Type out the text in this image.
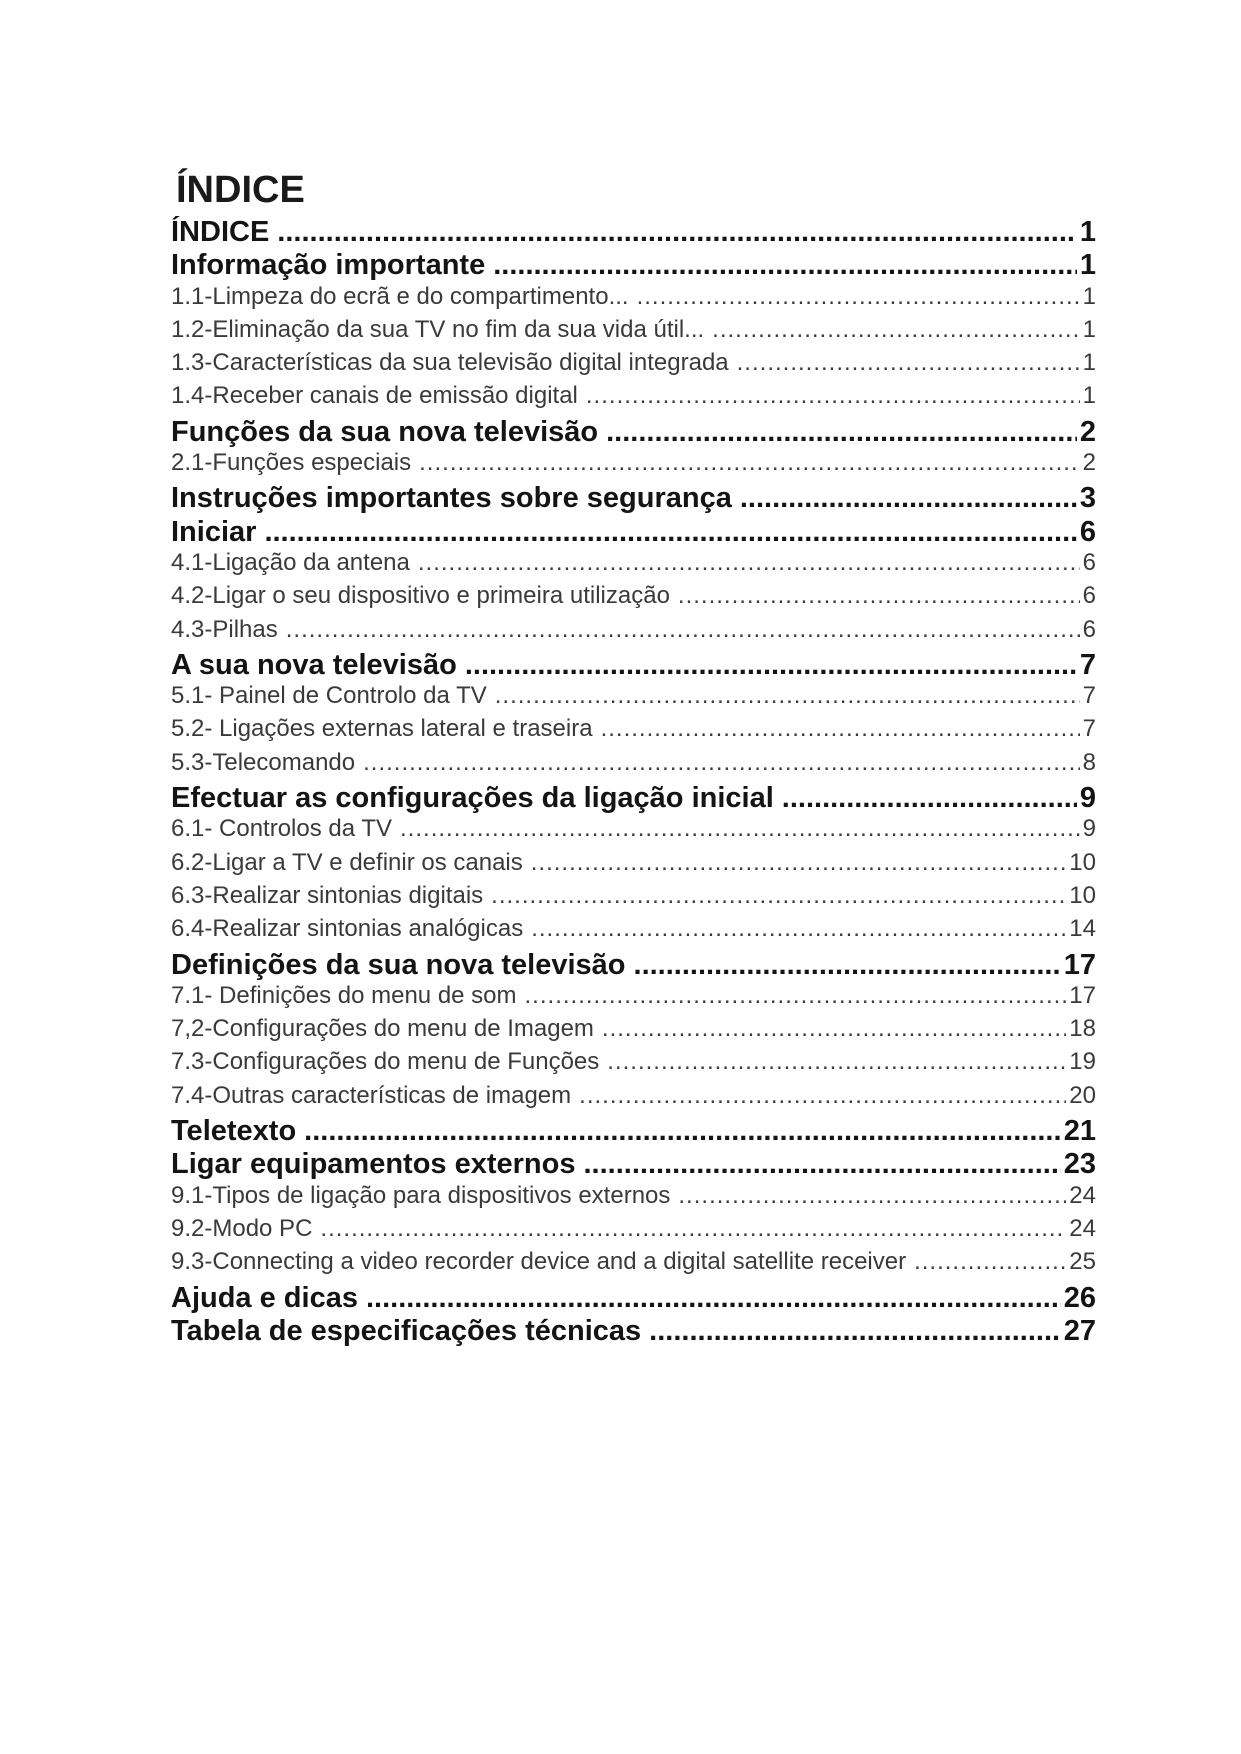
ÍNDICE
ÍNDICE .....	1
Informação importante .....	1
1.1-Limpeza do ecrã e do compartimento... .....	1
1.2-Eliminação da sua TV no fim da sua vida útil... .....	1
1.3-Características da sua televisão digital integrada .....	1
1.4-Receber canais de emissão digital .....	1
Funções da sua nova televisão .....	2
2.1-Funções especiais .....	2
Instruções importantes sobre segurança .....	3
Iniciar .....	6
4.1-Ligação da antena .....	6
4.2-Ligar o seu dispositivo e primeira utilização .....	6
4.3-Pilhas .....	6
A sua nova televisão .....	7
5.1- Painel de Controlo da TV .....	7
5.2- Ligações externas lateral e traseira .....	7
5.3-Telecomando .....	8
Efectuar as configurações da ligação inicial .....	9
6.1- Controlos da TV .....	9
6.2-Ligar a TV e definir os canais .....	10
6.3-Realizar sintonias digitais .....	10
6.4-Realizar sintonias analógicas .....	14
Definições da sua nova televisão .....	17
7.1- Definições do menu de som .....	17
7,2-Configurações do menu de Imagem .....	18
7.3-Configurações do menu de Funções .....	19
7.4-Outras características de imagem .....	20
Teletexto .....	21
Ligar equipamentos externos .....	23
9.1-Tipos de ligação para dispositivos externos .....	24
9.2-Modo PC .....	24
9.3-Connecting a video recorder device and a digital satellite receiver .....	25
Ajuda e dicas .....	26
Tabela de especificações técnicas .....	27
